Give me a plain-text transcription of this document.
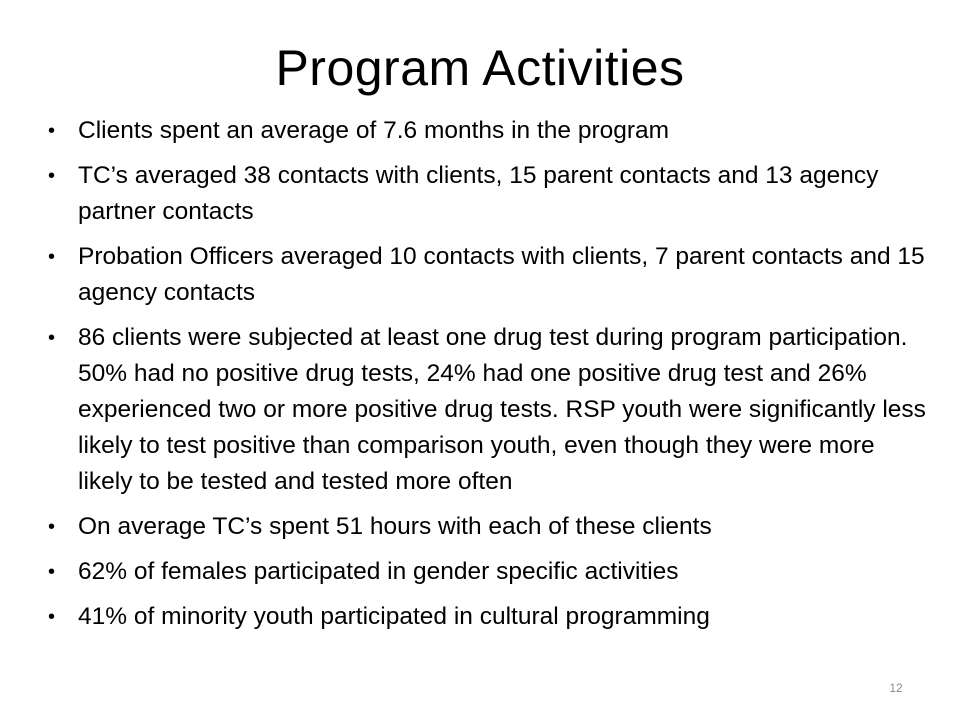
Program Activities
• Clients spent an average of 7.6 months in the program
• TC’s averaged 38 contacts with clients, 15 parent contacts and 13 agency partner contacts
• Probation Officers averaged 10 contacts with clients, 7 parent contacts and 15 agency contacts
• 86 clients were subjected at least one drug test during program participation. 50% had no positive drug tests, 24% had one positive drug test and 26% experienced two or more positive drug tests. RSP youth were significantly less likely to test positive than comparison youth, even though they were more likely to be tested and tested more often
• On average TC’s spent 51 hours with each of these clients
• 62% of females participated in gender specific activities
• 41% of minority youth participated in cultural programming
12
